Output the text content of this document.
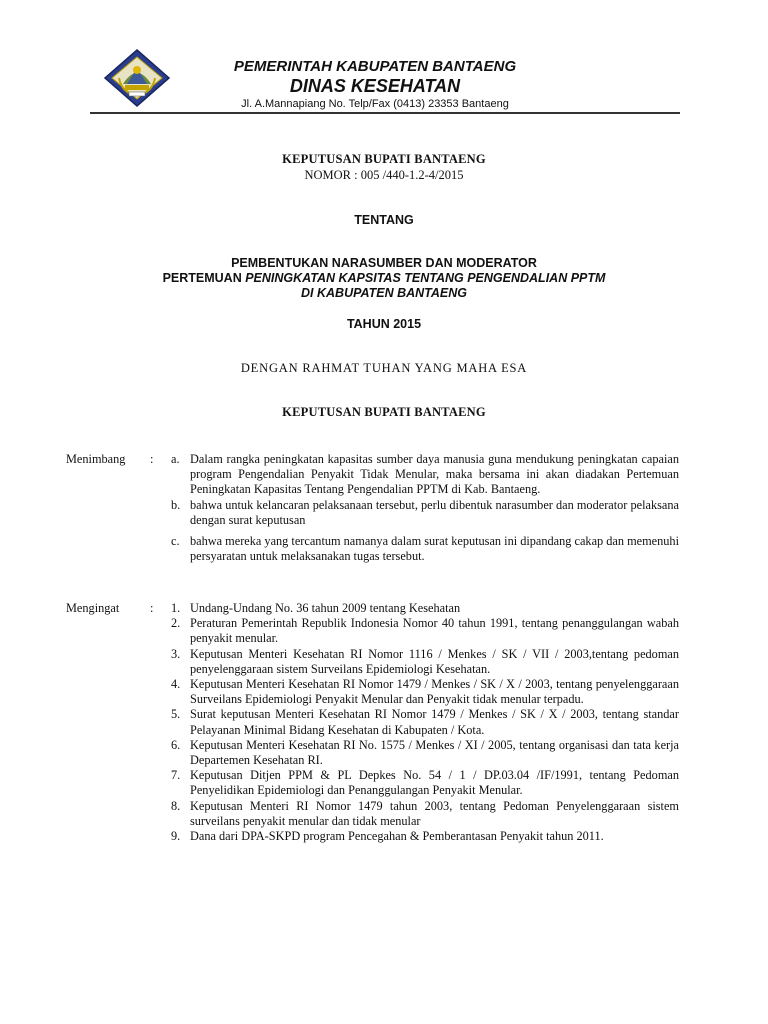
PEMERINTAH KABUPATEN BANTAENG
DINAS KESEHATAN
Jl. A.Mannapiang No. Telp/Fax (0413) 23353 Bantaeng
KEPUTUSAN BUPATI BANTAENG
NOMOR : 005 /440-1.2-4/2015
TENTANG
PEMBENTUKAN NARASUMBER DAN MODERATOR
PERTEMUAN PENINGKATAN KAPSITAS TENTANG PENGENDALIAN PPTM
DI KABUPATEN BANTAENG
TAHUN 2015
DENGAN RAHMAT TUHAN YANG MAHA ESA
KEPUTUSAN BUPATI BANTAENG
Menimbang : a. Dalam rangka peningkatan kapasitas sumber daya manusia guna mendukung peningkatan capaian program Pengendalian Penyakit Tidak Menular, maka bersama ini akan diadakan Pertemuan Peningkatan Kapasitas Tentang Pengendalian PPTM di Kab. Bantaeng.

b. bahwa untuk kelancaran pelaksanaan tersebut, perlu dibentuk narasumber dan moderator pelaksana dengan surat keputusan

c. bahwa mereka yang tercantum namanya dalam surat keputusan ini dipandang cakap dan memenuhi persyaratan untuk melaksanakan tugas tersebut.

Mengingat : 1. Undang-Undang No. 36 tahun 2009 tentang Kesehatan

2. Peraturan Pemerintah Republik Indonesia Nomor 40 tahun 1991, tentang penanggulangan wabah penyakit menular.

3. Keputusan Menteri Kesehatan RI Nomor 1116 / Menkes / SK / VII / 2003,tentang pedoman penyelenggaraan sistem Surveilans Epidemiologi Kesehatan.

4. Keputusan Menteri Kesehatan RI Nomor 1479 / Menkes / SK / X / 2003, tentang penyelenggaraan Surveilans Epidemiologi Penyakit Menular dan Penyakit tidak menular terpadu.

5. Surat keputusan Menteri Kesehatan RI Nomor 1479 / Menkes / SK / X / 2003, tentang standar Pelayanan Minimal Bidang Kesehatan di Kabupaten / Kota.

6. Keputusan Menteri Kesehatan RI No. 1575 / Menkes / XI / 2005, tentang organisasi dan tata kerja Departemen Kesehatan RI.

7. Keputusan Ditjen PPM & PL Depkes No. 54 / 1 / DP.03.04 /IF/1991, tentang Pedoman Penyelidikan Epidemiologi dan Penanggulangan Penyakit Menular.

8. Keputusan Menteri RI Nomor 1479 tahun 2003, tentang Pedoman Penyelenggaraan sistem surveilans penyakit menular dan tidak menular

9. Dana dari DPA-SKPD program Pencegahan & Pemberantasan Penyakit tahun 2011.
